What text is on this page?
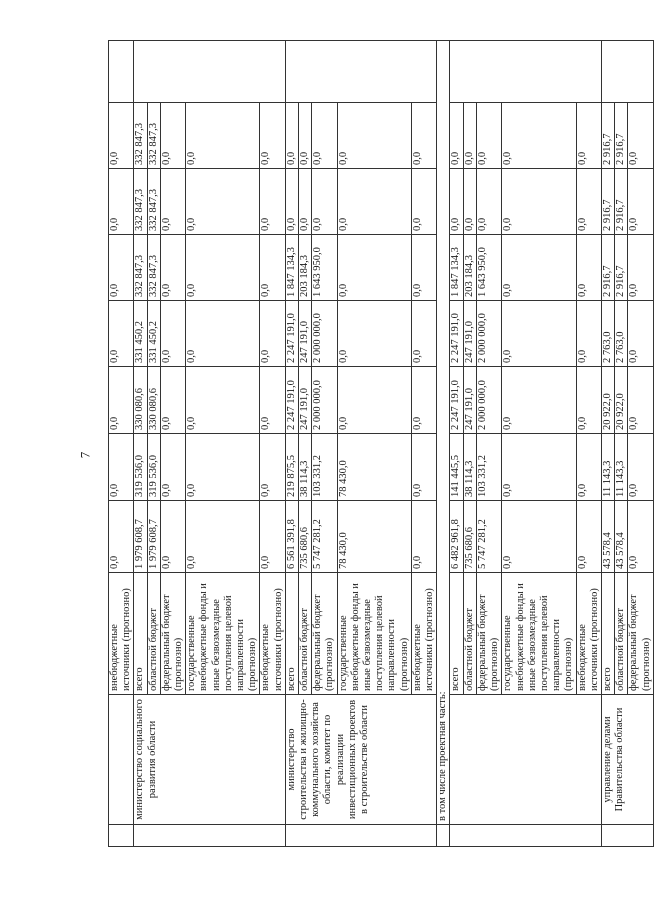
7
		внебюджетные источники (прогнозно)	0,0	0,0	0,0	0,0	0,0	0,0	0,0	
	министерство социального развития области	всего	1 979 608,7	319 536,0	330 080,6	331 450,2	332 847,3	332 847,3	332 847,3	
		областной бюджет	1 979 608,7	319 536,0	330 080,6	331 450,2	332 847,3	332 847,3	332 847,3	
		федеральный бюджет (прогнозно)	0,0	0,0	0,0	0,0	0,0	0,0	0,0	
		государственные внебюджетные фонды и иные безвозмездные поступления целевой направленности (прогнозно)	0,0	0,0	0,0	0,0	0,0	0,0	0,0	
		внебюджетные источники (прогнозно)	0,0	0,0	0,0	0,0	0,0	0,0	0,0	
	министерство строительства и жилищно-коммунального хозяйства области, комитет по реализации инвестиционных проектов в строительстве области	всего	6 561 391,8	219 875,5	2 247 191,0	2 247 191,0	1 847 134,3	0,0	0,0	
		областной бюджет	735 680,6	38 114,3	247 191,0	247 191,0	203 184,3	0,0	0,0	
		федеральный бюджет (прогнозно)	5 747 281,2	103 331,2	2 000 000,0	2 000 000,0	1 643 950,0	0,0	0,0	
		государственные внебюджетные фонды и иные безвозмездные поступления целевой направленности (прогнозно)	78 430,0	78 430,0	0,0	0,0	0,0	0,0	0,0	
		внебюджетные источники (прогнозно)	0,0	0,0	0,0	0,0	0,0	0,0	0,0	
	в том числе проектная часть:									
		всего	6 482 961,8	141 445,5	2 247 191,0	2 247 191,0	1 847 134,3	0,0	0,0	
		областной бюджет	735 680,6	38 114,3	247 191,0	247 191,0	203 184,3	0,0	0,0	
		федеральный бюджет (прогнозно)	5 747 281,2	103 331,2	2 000 000,0	2 000 000,0	1 643 950,0	0,0	0,0	
		государственные внебюджетные фонды и иные безвозмездные поступления целевой направленности (прогнозно)	0,0	0,0	0,0	0,0	0,0	0,0	0,0	
		внебюджетные источники (прогнозно)	0,0	0,0	0,0	0,0	0,0	0,0	0,0	
	управление делами Правительства области	всего	43 578,4	11 143,3	20 922,0	2 763,0	2 916,7	2 916,7	2 916,7	
		областной бюджет	43 578,4	11 143,3	20 922,0	2 763,0	2 916,7	2 916,7	2 916,7	
		федеральный бюджет (прогнозно)	0,0	0,0	0,0	0,0	0,0	0,0	0,0	
